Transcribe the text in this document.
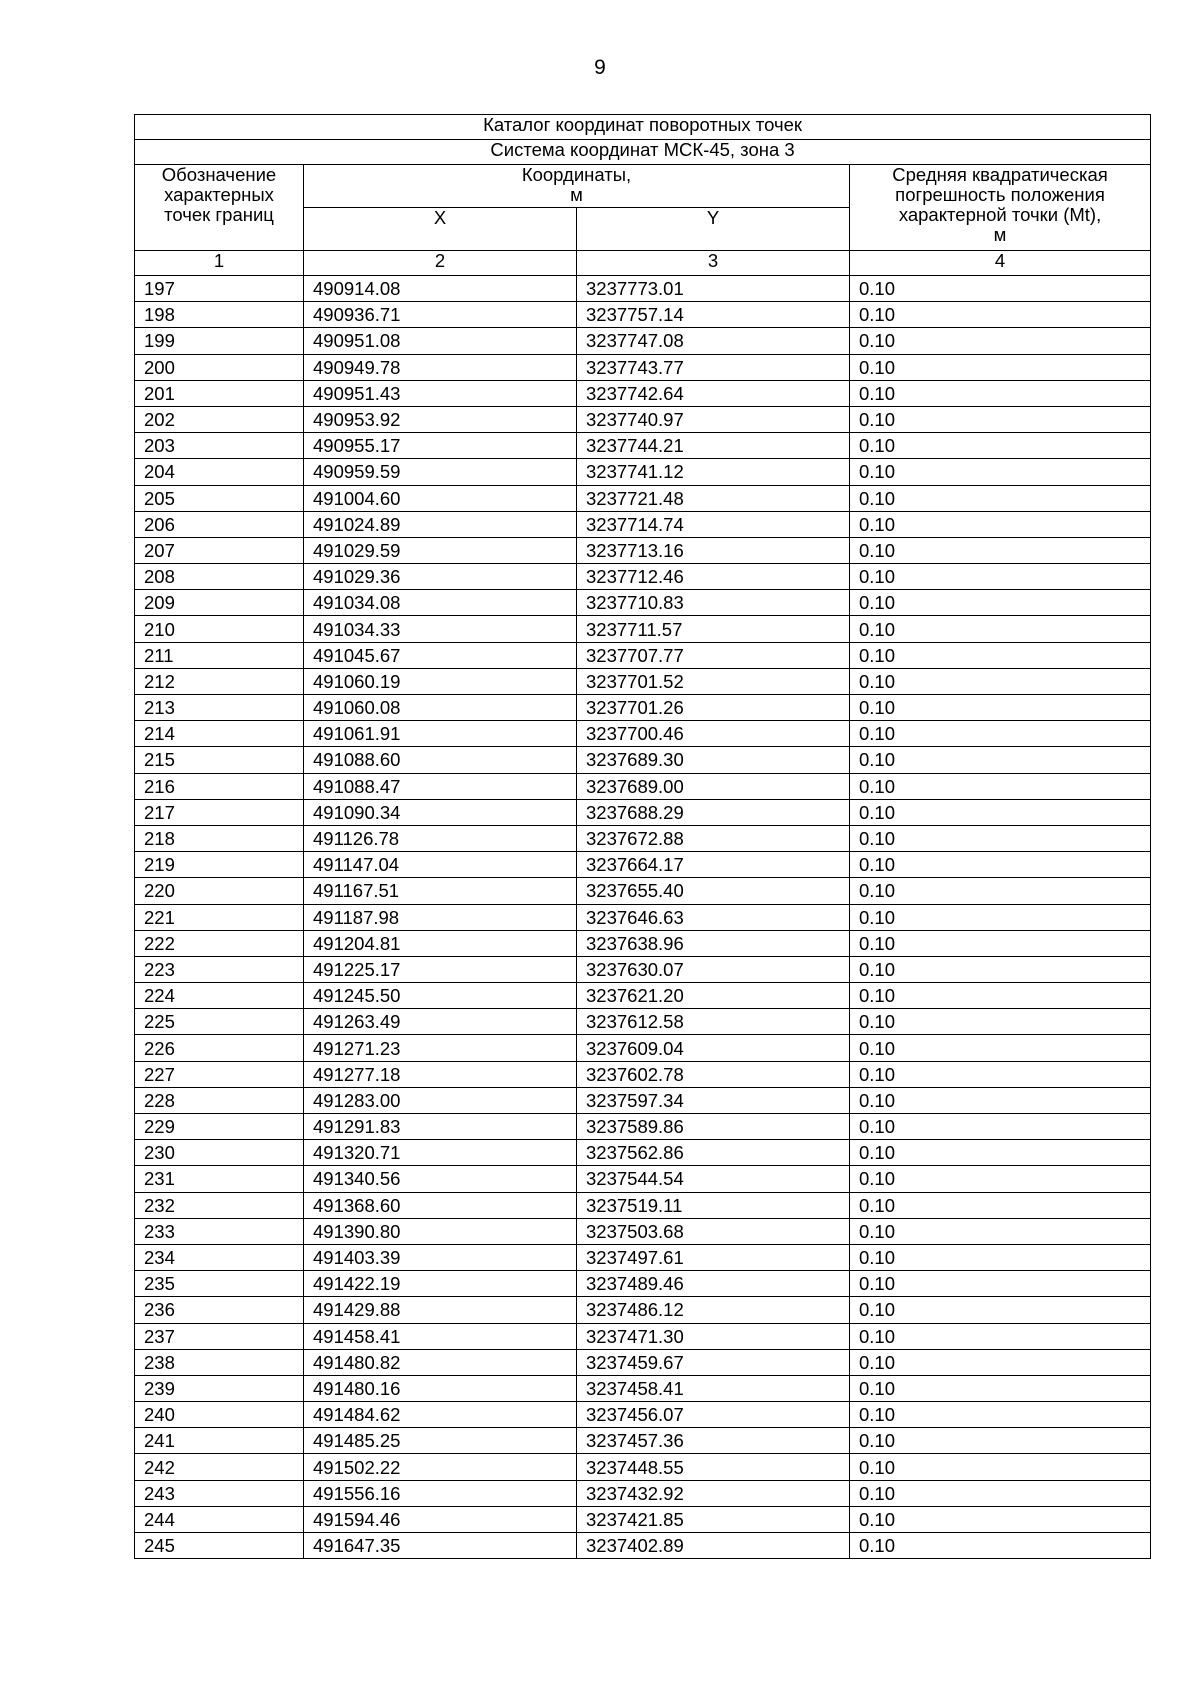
9
Каталог координат поворотных точек			
Система координат МСК-45, зона 3			

Обозначение
характерных
точек границ	Координаты,
м		Средняя квадратическая
погрешность положения
характерной точки (Mt),
м

	X	Y	
1	2	3	4
197	490914.08	3237773.01	0.10
198	490936.71	3237757.14	0.10
199	490951.08	3237747.08	0.10
200	490949.78	3237743.77	0.10
201	490951.43	3237742.64	0.10
202	490953.92	3237740.97	0.10
203	490955.17	3237744.21	0.10
204	490959.59	3237741.12	0.10
205	491004.60	3237721.48	0.10
206	491024.89	3237714.74	0.10
207	491029.59	3237713.16	0.10
208	491029.36	3237712.46	0.10
209	491034.08	3237710.83	0.10
210	491034.33	3237711.57	0.10
211	491045.67	3237707.77	0.10
212	491060.19	3237701.52	0.10
213	491060.08	3237701.26	0.10
214	491061.91	3237700.46	0.10
215	491088.60	3237689.30	0.10
216	491088.47	3237689.00	0.10
217	491090.34	3237688.29	0.10
218	491126.78	3237672.88	0.10
219	491147.04	3237664.17	0.10
220	491167.51	3237655.40	0.10
221	491187.98	3237646.63	0.10
222	491204.81	3237638.96	0.10
223	491225.17	3237630.07	0.10
224	491245.50	3237621.20	0.10
225	491263.49	3237612.58	0.10
226	491271.23	3237609.04	0.10
227	491277.18	3237602.78	0.10
228	491283.00	3237597.34	0.10
229	491291.83	3237589.86	0.10
230	491320.71	3237562.86	0.10
231	491340.56	3237544.54	0.10
232	491368.60	3237519.11	0.10
233	491390.80	3237503.68	0.10
234	491403.39	3237497.61	0.10
235	491422.19	3237489.46	0.10
236	491429.88	3237486.12	0.10
237	491458.41	3237471.30	0.10
238	491480.82	3237459.67	0.10
239	491480.16	3237458.41	0.10
240	491484.62	3237456.07	0.10
241	491485.25	3237457.36	0.10
242	491502.22	3237448.55	0.10
243	491556.16	3237432.92	0.10
244	491594.46	3237421.85	0.10
245	491647.35	3237402.89	0.10
